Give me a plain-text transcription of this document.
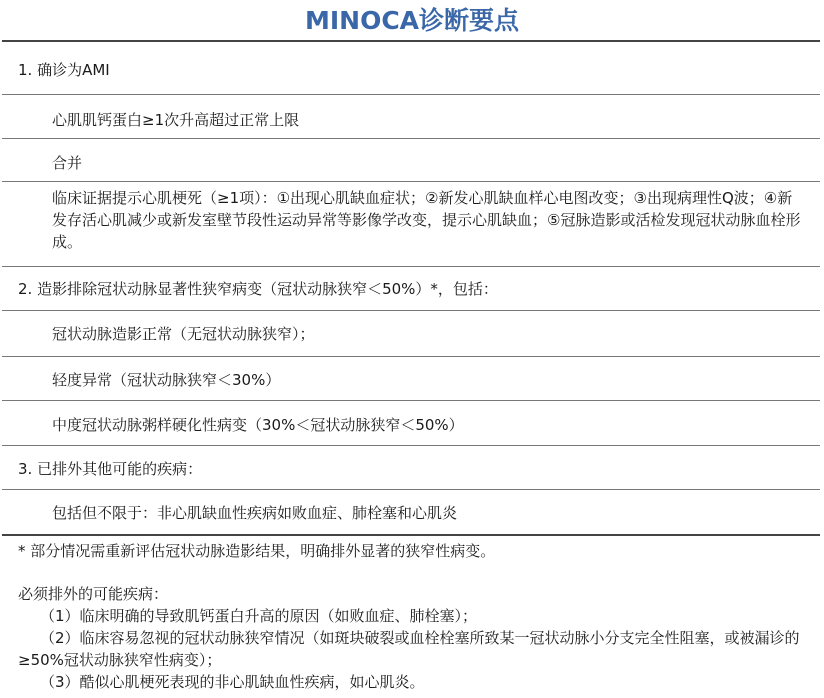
MINOCA诊断要点
1. 确诊为AMI
心肌肌钙蛋白≥1次升高超过正常上限
合并
临床证据提示心肌梗死（≥1项）：①出现心肌缺血症状；②新发心肌缺血样心电图改变；③出现病理性Q波；④新发存活心肌减少或新发室壁节段性运动异常等影像学改变，提示心肌缺血；⑤冠脉造影或活检发现冠状动脉血栓形成。
2. 造影排除冠状动脉显著性狭窄病变（冠状动脉狭窄＜50%）*，包括：
冠状动脉造影正常（无冠状动脉狭窄）；
轻度异常（冠状动脉狭窄＜30%）
中度冠状动脉粥样硬化性病变（30%＜冠状动脉狭窄＜50%）
3. 已排外其他可能的疾病：
包括但不限于：非心肌缺血性疾病如败血症、肺栓塞和心肌炎
* 部分情况需重新评估冠状动脉造影结果，明确排外显著的狭窄性病变。

必须排外的可能疾病：

（1）临床明确的导致肌钙蛋白升高的原因（如败血症、肺栓塞）；

（2）临床容易忽视的冠状动脉狭窄情况（如斑块破裂或血栓栓塞所致某一冠状动脉小分支完全性阻塞，或被漏诊的≥50%冠状动脉狭窄性病变）；

（3）酷似心肌梗死表现的非心肌缺血性疾病，如心肌炎。
